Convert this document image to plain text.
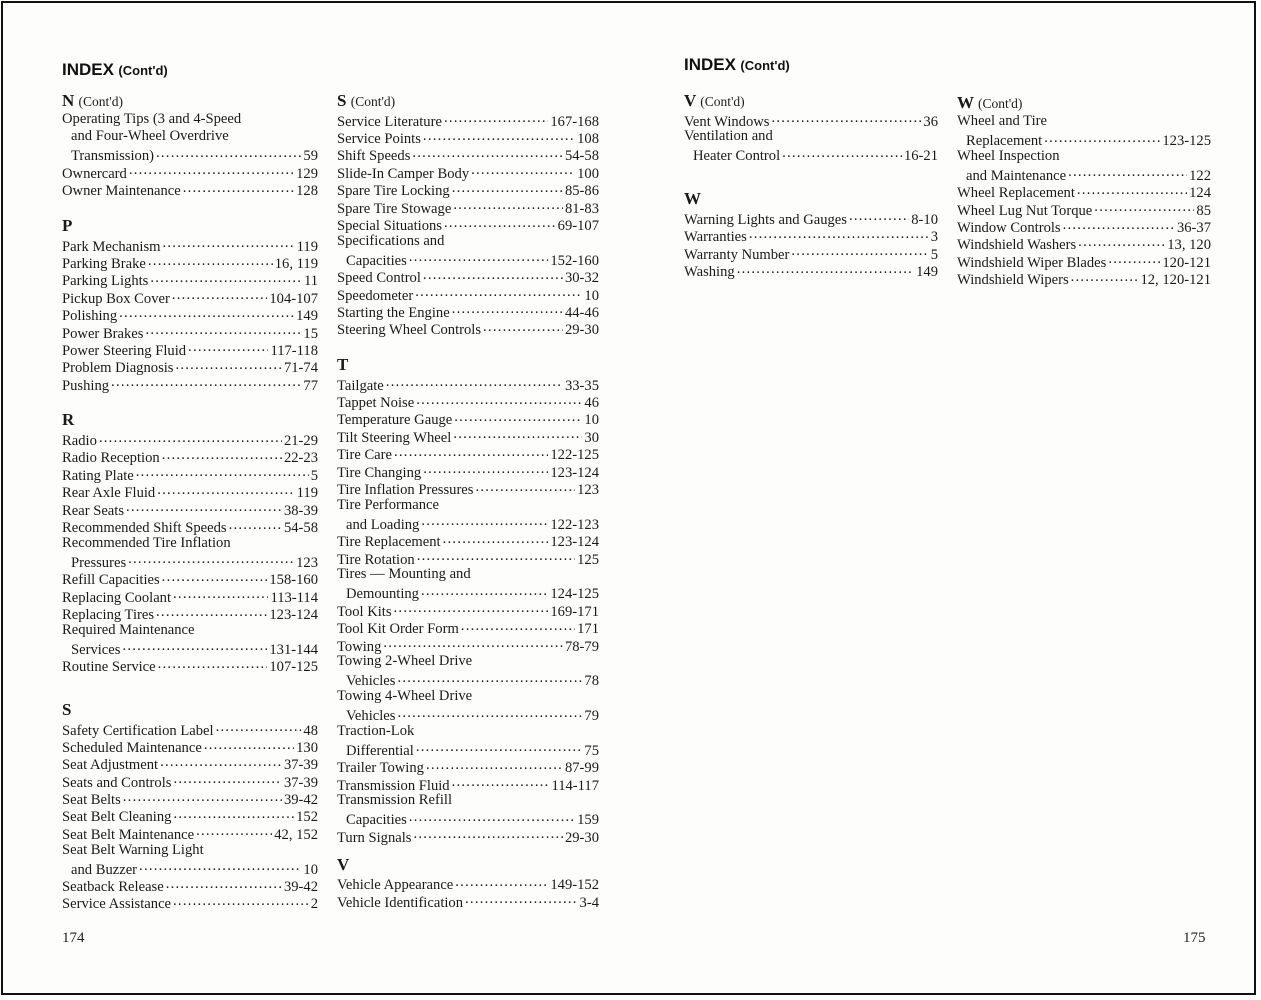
INDEX (Cont'd)	INDEX (Cont'd)
N (Cont'd)
Operating Tips (3 and 4-Speed
and Four-Wheel Overdrive
Transmission) . . .	59
Ownercard . . .	129
Owner Maintenance . . .	128
P
Park Mechanism . . .	119
Parking Brake . . .	16, 119
Parking Lights . . .	11
Pickup Box Cover . . .	104-107
Polishing . . .	149
Power Brakes . . .	15
Power Steering Fluid . . .	117-118
Problem Diagnosis . . .	71-74
Pushing . . .	77
R
Radio . . .	21-29
Radio Reception . . .	22-23
Rating Plate . . .	5
Rear Axle Fluid . . .	119
Rear Seats . . .	38-39
Recommended Shift Speeds . . .	54-58
Recommended Tire Inflation
Pressures . . .	123
Refill Capacities . . .	158-160
Replacing Coolant . . .	113-114
Replacing Tires . . .	123-124
Required Maintenance
Services . . .	131-144
Routine Service . . .	107-125
S
Safety Certification Label . . .	48
Scheduled Maintenance . . .	130
Seat Adjustment . . .	37-39
Seats and Controls . . .	37-39
Seat Belts . . .	39-42
Seat Belt Cleaning . . .	152
Seat Belt Maintenance . . .	42, 152
Seat Belt Warning Light
and Buzzer . . .	10
Seatback Release . . .	39-42
Service Assistance . . .	2
S (Cont'd)
Service Literature . . .	167-168
Service Points . . .	108
Shift Speeds . . .	54-58
Slide-In Camper Body . . .	100
Spare Tire Locking . . .	85-86
Spare Tire Stowage . . .	81-83
Special Situations . . .	69-107
Specifications and
Capacities . . .	152-160
Speed Control . . .	30-32
Speedometer . . .	10
Starting the Engine . . .	44-46
Steering Wheel Controls . . .	29-30
T
Tailgate . . .	33-35
Tappet Noise . . .	46
Temperature Gauge . . .	10
Tilt Steering Wheel . . .	30
Tire Care . . .	122-125
Tire Changing . . .	123-124
Tire Inflation Pressures . . .	123
Tire Performance
and Loading . . .	122-123
Tire Replacement . . .	123-124
Tire Rotation . . .	125
Tires — Mounting and
Demounting . . .	124-125
Tool Kits . . .	169-171
Tool Kit Order Form . . .	171
Towing . . .	78-79
Towing 2-Wheel Drive
Vehicles . . .	78
Towing 4-Wheel Drive
Vehicles . . .	79
Traction-Lok
Differential . . .	75
Trailer Towing . . .	87-99
Transmission Fluid . . .	114-117
Transmission Refill
Capacities . . .	159
Turn Signals . . .	29-30
V
Vehicle Appearance . . .	149-152
Vehicle Identification . . .	3-4
V (Cont'd)
Vent Windows . . .	36
Ventilation and
Heater Control . . .	16-21
W
Warning Lights and Gauges . . .	8-10
Warranties . . .	3
Warranty Number . . .	5
Washing . . .	149
W (Cont'd)
Wheel and Tire
Replacement . . .	123-125
Wheel Inspection
and Maintenance . . .	122
Wheel Replacement . . .	124
Wheel Lug Nut Torque . . .	85
Window Controls . . .	36-37
Windshield Washers . . .	13, 120
Windshield Wiper Blades . . .	120-121
Windshield Wipers . . .	12, 120-121
174	175
